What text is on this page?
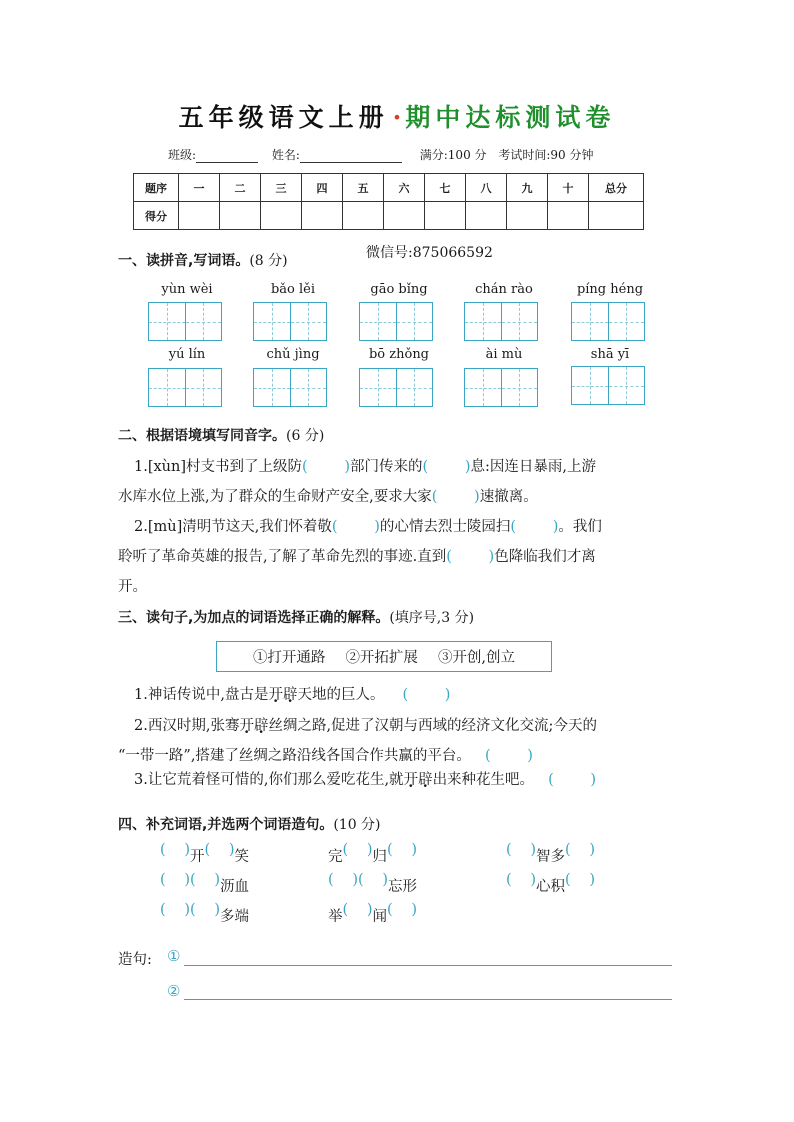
五年级语文上册 · 期中达标测试卷
班级:	姓名:	满分:100 分 考试时间:90 分钟
题序	一	二	三	四	五	六	七	八	九	十	总分
得分											
一、读拼音,写词语。(8 分)	微信号:875066592
yùn wèi	bǎo lěi	gāo bǐng	chán rào	píng héng
yú lín	chǔ jìng	bō zhǒng	ài mù	shā yī
二、根据语境填写同音字。(6 分)
1.[xùn]村支书到了上级防 ( )	部门传来的 ( )	息:因连日暴雨,上游
水库水位上涨,为了群众的生命财产安全,要求大家 ( )	速撤离。
2.[mù]清明节这天,我们怀着敬 ( )	的心情去烈士陵园扫 ( )	。我们
聆听了革命英雄的报告,了解了革命先烈的事迹.直到 ( )	色降临我们才离
开。
三、读句子,为加点的词语选择正确的解释。(填序号,3 分)
①打开通路 ②开拓扩展 ③开创,创立
1.神话传说中,盘古是开 .辟 .天地的巨人。( )
2.西汉时期,张骞开 .辟 .丝绸之路,促进了汉朝与西域的经济文化交流;今天的
“一带一路”,搭建了丝绸之路沿线各国合作共赢的平台。( )
3.让它荒着怪可惜的,你们那么爱吃花生,就开 .辟 .出来种花生吧。( )
四、补充词语,并选两个词语造句。(10 分)
( )开 ( ) 笑	完 ( ) 归 ( ) ( )	智多( )
( )( )沥血 ( ) ( )	忘形 ( )	心积( )
( )( )多端	举 ( ) 闻( )
造句: ①
②
